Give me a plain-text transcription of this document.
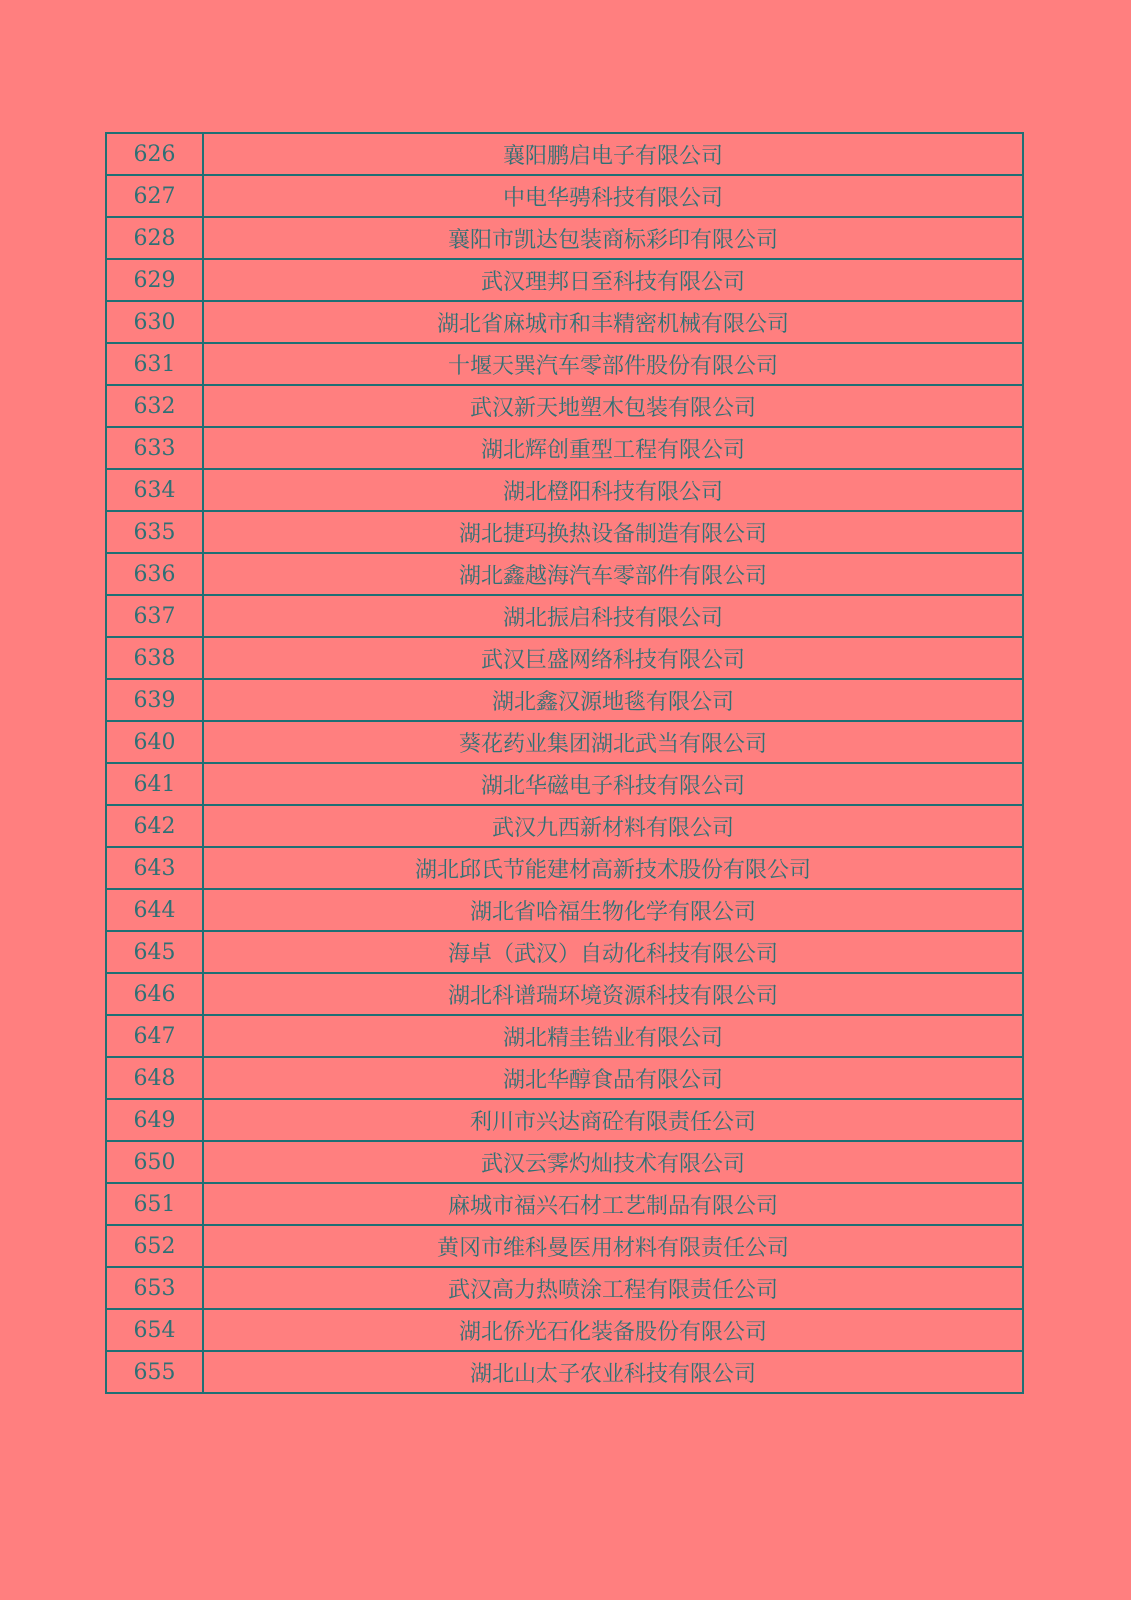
626	襄阳鹏启电子有限公司
627	中电华骋科技有限公司
628	襄阳市凯达包装商标彩印有限公司
629	武汉理邦日至科技有限公司
630	湖北省麻城市和丰精密机械有限公司
631	十堰天巽汽车零部件股份有限公司
632	武汉新天地塑木包装有限公司
633	湖北辉创重型工程有限公司
634	湖北橙阳科技有限公司
635	湖北捷玛换热设备制造有限公司
636	湖北鑫越海汽车零部件有限公司
637	湖北振启科技有限公司
638	武汉巨盛网络科技有限公司
639	湖北鑫汉源地毯有限公司
640	葵花药业集团湖北武当有限公司
641	湖北华磁电子科技有限公司
642	武汉九西新材料有限公司
643	湖北邱氏节能建材高新技术股份有限公司
644	湖北省哈福生物化学有限公司
645	海卓（武汉）自动化科技有限公司
646	湖北科谱瑞环境资源科技有限公司
647	湖北精圭锆业有限公司
648	湖北华醇食品有限公司
649	利川市兴达商砼有限责任公司
650	武汉云霁灼灿技术有限公司
651	麻城市福兴石材工艺制品有限公司
652	黄冈市维科曼医用材料有限责任公司
653	武汉高力热喷涂工程有限责任公司
654	湖北侨光石化装备股份有限公司
655	湖北山太子农业科技有限公司
